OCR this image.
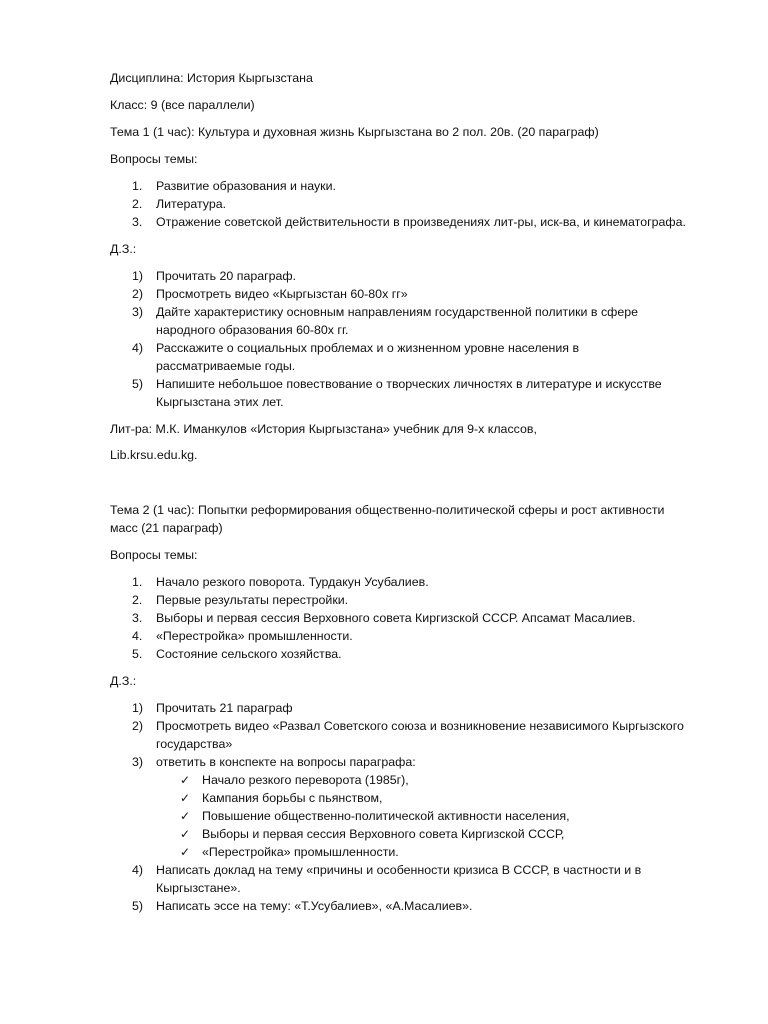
Дисциплина: История Кыргызстана
Класс: 9 (все параллели)
Тема 1 (1 час): Культура и духовная жизнь Кыргызстана во 2 пол. 20в. (20 параграф)
Вопросы темы:
1. Развитие образования и науки.
2. Литература.
3. Отражение советской действительности в произведениях лит-ры, иск-ва, и кинематографа.
Д.З.:
1) Прочитать 20 параграф.
2) Просмотреть видео «Кыргызстан 60-80х гг»
3) Дайте характеристику основным направлениям государственной политики в сфере
народного образования 60-80х гг.
4) Расскажите о социальных проблемах и о жизненном уровне населения в
рассматриваемые годы.
5) Напишите небольшое повествование о творческих личностях в литературе и искусстве
Кыргызстана этих лет.
Лит-ра: М.К. Иманкулов «История Кыргызстана» учебник для 9-х классов,
Lib.krsu.edu.kg.
Тема 2 (1 час): Попытки реформирования общественно-политической сферы и рост активности
масс (21 параграф)
Вопросы темы:
1. Начало резкого поворота. Турдакун Усубалиев.
2. Первые результаты перестройки.
3. Выборы и первая сессия Верховного совета Киргизской СССР. Апсамат Масалиев.
4. «Перестройка» промышленности.
5. Состояние сельского хозяйства.
Д.З.:
1) Прочитать 21 параграф
2) Просмотреть видео «Развал Советского союза и возникновение независимого Кыргызского
государства»
3) ответить в конспекте на вопросы параграфа:
✓ Начало резкого переворота (1985г),
✓ Кампания борьбы с пьянством,
✓ Повышение общественно-политической активности населения,
✓ Выборы и первая сессия Верховного совета Киргизской СССР,
✓ «Перестройка» промышленности.
4) Написать доклад на тему «причины и особенности кризиса В СССР, в частности и в
Кыргызстане».
5) Написать эссе на тему: «Т.Усубалиев», «А.Масалиев».
